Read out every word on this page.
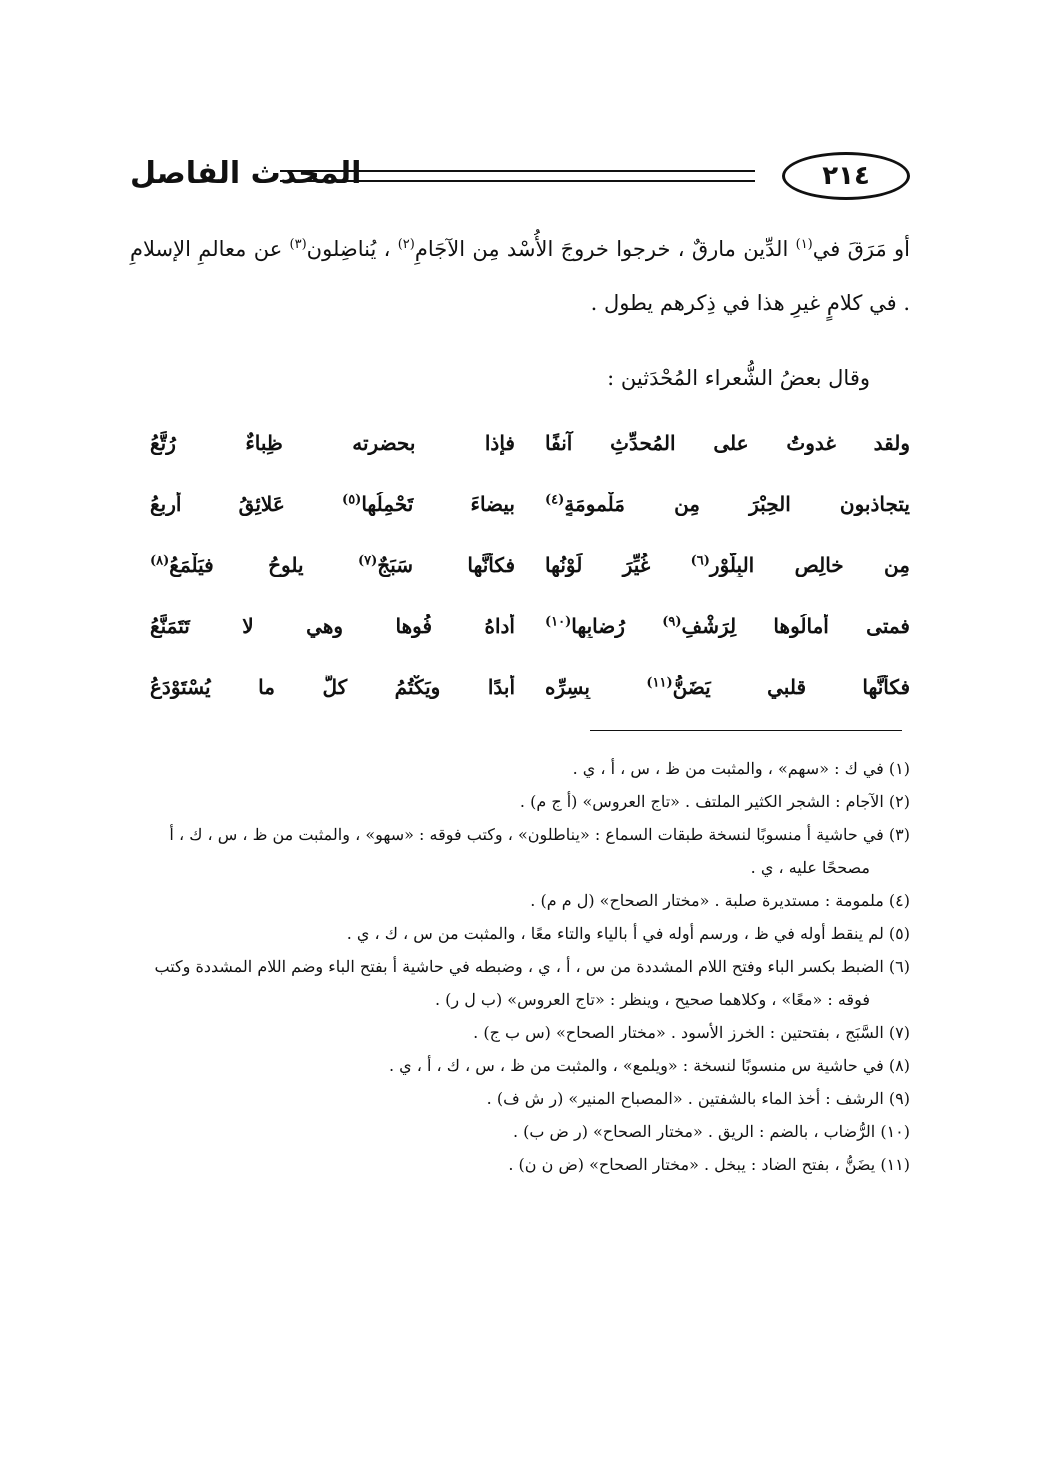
٢١٤
المحدث الفاصل

أو مَرَقَ في$^{(١)}$ الدِّين مارقٌ ، خرجوا خروجَ الأُسْد مِن الآجَامِ$^{(٢)}$ ، يُناضِلون$^{(٣)}$ عن معالمِ الإسلامِ . في كلامٍ غيرِ هذا في ذِكرهم يطول .

وقال بعضُ الشُّعراء المُحْدَثين :
ولقد غدوتُ على المُحدِّثِ آنفًا
فإذا بحضرته ظِباءٌ رُتَّعُ
يتجاذبون الحِبْرَ مِن مَلْمومَةٍ$^{(٤)}$
بيضاءَ تَحْمِلُها$^{(٥)}$ عَلائِقُ أربعُ
مِن خالِصِ البِلَّوْرِ$^{(٦)}$ غُيِّرَ لَوْنُها
فكأنَّها سَبَجٌ$^{(٧)}$ يلوحُ فيَلْمَعُ$^{(٨)}$
فمتى أمالُوها لِرَشْفِ$^{(٩)}$ رُضابِها$^{(١٠)}$
أداهُ فُوها وهي لا تَتَمَنَّعُ
فكأنَّها قلبي يَضَنُّ$^{(١١)}$ بِسِرِّه
أبدًا ويَكْتُمُ كلَّ ما يُسْتَوْدَعُ

(١) في ك : «سهم» ، والمثبت من ظ ، س ، أ ، ي .

(٢) الآجام : الشجر الكثير الملتف . «تاج العروس» (أ ج م) .

(٣) في حاشية أ منسوبًا لنسخة طبقات السماع : «يناطلون» ، وكتب فوقه : «سهو» ، والمثبت من ظ ، س ، ك ، أ مصححًا عليه ، ي .

(٤) ملمومة : مستديرة صلبة . «مختار الصحاح» (ل م م) .

(٥) لم ينقط أوله في ظ ، ورسم أوله في أ بالياء والتاء معًا ، والمثبت من س ، ك ، ي .

(٦) الضبط بكسر الباء وفتح اللام المشددة من س ، أ ، ي ، وضبطه في حاشية أ بفتح الباء وضم اللام المشددة وكتب فوقه : «معًا» ، وكلاهما صحيح ، وينظر : «تاج العروس» (ب ل ر) .

(٧) السَّبَج ، بفتحتين : الخرز الأسود . «مختار الصحاح» (س ب ج) .

(٨) في حاشية س منسوبًا لنسخة : «ويلمع» ، والمثبت من ظ ، س ، ك ، أ ، ي .

(٩) الرشف : أخذ الماء بالشفتين . «المصباح المنير» (ر ش ف) .

(١٠) الرُّضاب ، بالضم : الريق . «مختار الصحاح» (ر ض ب) .

(١١) يضَنُّ ، بفتح الضاد : يبخل . «مختار الصحاح» (ض ن ن) .
